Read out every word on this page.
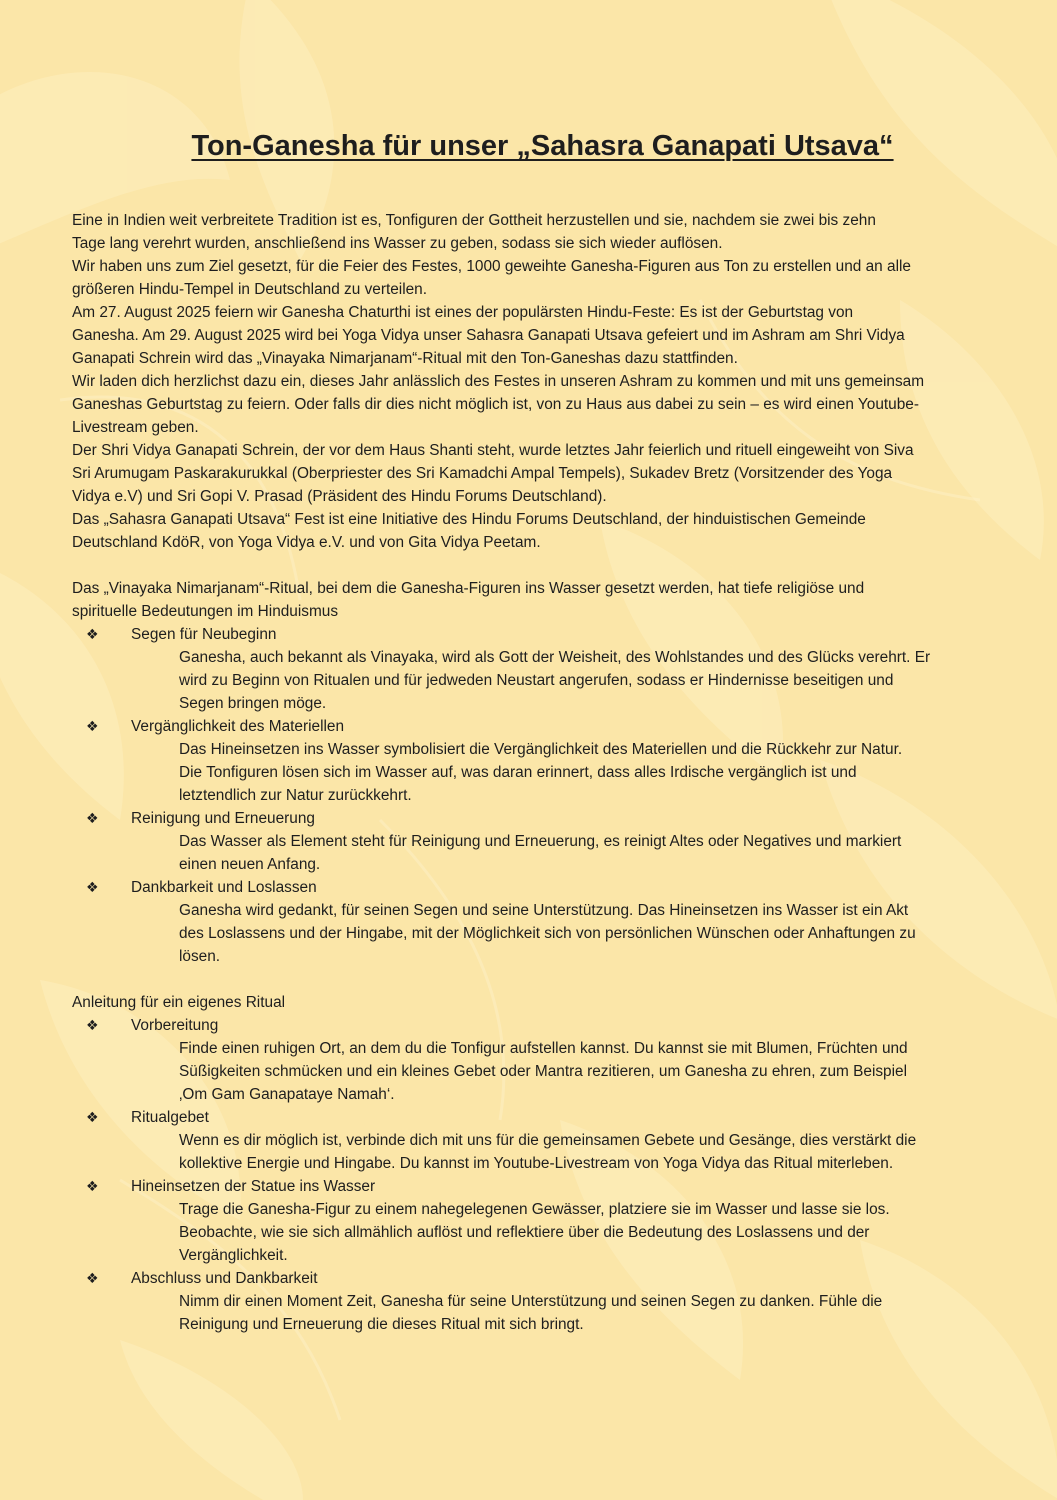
Ton-Ganesha für unser „Sahasra Ganapati Utsava“

Eine in Indien weit verbreitete Tradition ist es, Tonfiguren der Gottheit herzustellen und sie, nachdem sie zwei bis zehn

Tage lang verehrt wurden, anschließend ins Wasser zu geben, sodass sie sich wieder auflösen.

Wir haben uns zum Ziel gesetzt, für die Feier des Festes, 1000 geweihte Ganesha-Figuren aus Ton zu erstellen und an alle

größeren Hindu-Tempel in Deutschland zu verteilen.

Am 27. August 2025 feiern wir Ganesha Chaturthi ist eines der populärsten Hindu-Feste: Es ist der Geburtstag von

Ganesha. Am 29. August 2025 wird bei Yoga Vidya unser Sahasra Ganapati Utsava gefeiert und im Ashram am Shri Vidya

Ganapati Schrein wird das „Vinayaka Nimarjanam“-Ritual mit den Ton-Ganeshas dazu stattfinden.

Wir laden dich herzlichst dazu ein, dieses Jahr anlässlich des Festes in unseren Ashram zu kommen und mit uns gemeinsam

Ganeshas Geburtstag zu feiern. Oder falls dir dies nicht möglich ist, von zu Haus aus dabei zu sein – es wird einen Youtube-

Livestream geben.

Der Shri Vidya Ganapati Schrein, der vor dem Haus Shanti steht, wurde letztes Jahr feierlich und rituell eingeweiht von Siva

Sri Arumugam Paskarakurukkal (Oberpriester des Sri Kamadchi Ampal Tempels), Sukadev Bretz (Vorsitzender des Yoga

Vidya e.V) und Sri Gopi V. Prasad (Präsident des Hindu Forums Deutschland).

Das „Sahasra Ganapati Utsava“ Fest ist eine Initiative des Hindu Forums Deutschland, der hinduistischen Gemeinde

Deutschland KdöR, von Yoga Vidya e.V. und von Gita Vidya Peetam.

Das „Vinayaka Nimarjanam“-Ritual, bei dem die Ganesha-Figuren ins Wasser gesetzt werden, hat tiefe religiöse und

spirituelle Bedeutungen im Hinduismus

❖	Segen für Neubeginn

Ganesha, auch bekannt als Vinayaka, wird als Gott der Weisheit, des Wohlstandes und des Glücks verehrt. Er

wird zu Beginn von Ritualen und für jedweden Neustart angerufen, sodass er Hindernisse beseitigen und

Segen bringen möge.

❖	Vergänglichkeit des Materiellen

Das Hineinsetzen ins Wasser symbolisiert die Vergänglichkeit des Materiellen und die Rückkehr zur Natur.

Die Tonfiguren lösen sich im Wasser auf, was daran erinnert, dass alles Irdische vergänglich ist und

letztendlich zur Natur zurückkehrt.

❖	Reinigung und Erneuerung

Das Wasser als Element steht für Reinigung und Erneuerung, es reinigt Altes oder Negatives und markiert

einen neuen Anfang.

❖	Dankbarkeit und Loslassen

Ganesha wird gedankt, für seinen Segen und seine Unterstützung. Das Hineinsetzen ins Wasser ist ein Akt

des Loslassens und der Hingabe, mit der Möglichkeit sich von persönlichen Wünschen oder Anhaftungen zu

lösen.

Anleitung für ein eigenes Ritual

❖	Vorbereitung

Finde einen ruhigen Ort, an dem du die Tonfigur aufstellen kannst. Du kannst sie mit Blumen, Früchten und

Süßigkeiten schmücken und ein kleines Gebet oder Mantra rezitieren, um Ganesha zu ehren, zum Beispiel

‚Om Gam Ganapataye Namah‘.

❖	Ritualgebet

Wenn es dir möglich ist, verbinde dich mit uns für die gemeinsamen Gebete und Gesänge, dies verstärkt die

kollektive Energie und Hingabe. Du kannst im Youtube-Livestream von Yoga Vidya das Ritual miterleben.

❖	Hineinsetzen der Statue ins Wasser

Trage die Ganesha-Figur zu einem nahegelegenen Gewässer, platziere sie im Wasser und lasse sie los.

Beobachte, wie sie sich allmählich auflöst und reflektiere über die Bedeutung des Loslassens und der

Vergänglichkeit.

❖	Abschluss und Dankbarkeit

Nimm dir einen Moment Zeit, Ganesha für seine Unterstützung und seinen Segen zu danken. Fühle die

Reinigung und Erneuerung die dieses Ritual mit sich bringt.
